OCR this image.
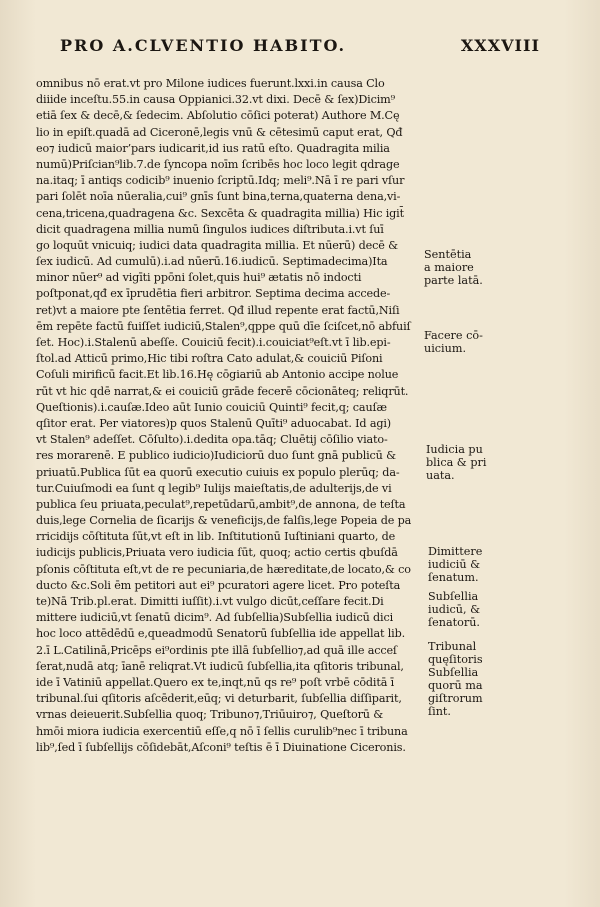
PRO A.CLVENTIO HABITO.	XXXVIII
omnibus nō erat.vt pro Milone iudices fuerunt.lxxi.in causa Clo
diiide inceſtu.55.in causa Oppianici.32.vt dixi. Decē & ſex)Dicim⁹
etiā ſex & decē,& ſedecim. Abſolutio cōſici poterat) Authore M.Cę
lio in epiſt.quadā ad Ciceronē,legis vnū & cētesimū caput erat, Qđ
eo⁊ iudicū maior’pars iudicarit,id ius ratū eſto. Quadragita milia
numū)Priſcian⁹lib.7.de ſyncopa noīm ſcribēs hoc loco legit qdrage
na.itaq; ī antiqs codicib⁹ inuenio ſcriptū.Idq; meli⁹.Nā ī re pari vſur
pari ſolēt noīa nūeralia,cui⁹ gnīs ſunt bina,terna,quaterna dena,vi-
cena,tricena,quadragena &c. Sexcēta & quadragita millia) Hic igit̄
dicit quadragena millia numū ſingulos iudices diſtributa.i.vt ſuī
go loquūt vnicuiq; iudici data quadragita millia. Et nūerū) decē &
ſex iudicū. Ad cumulū).i.ad nūerū.16.iudicū. Septimadecima)Ita
minor nūer⁹ ad vigīti ppōni ſolet,quis hui⁹ ætatis nō indocti
poſtponat,qđ ex īprudētia fieri arbitror. Septima decima accede-
ret)vt a maiore pte ſentētia ferret. Qđ illud repente erat factū,Niſi
ēm repēte factū fuiſſet iudiciū,Stalen⁹,qppe quū dīe ſciſcet,nō abfuiſ
ſet. Hoc).i.Stalenū abeſſe. Couiciū fecit).i.couiciat⁹eſt.vt ī lib.epi-
ſtol.ad Atticū primo,Hic tibi roſtra Cato adulat,& couiciū Piſoni
Coſuli mirificū facit.Et lib.16.Hę cōgiariū ab Antonio accipe nolue
rūt vt hic qdē narrat,& ei couiciū grāde fecerē cōcionāteq; reliqrūt.
Queſtionis).i.cauſæ.Ideo aūt Iunio couiciū Quinti⁹ fecit,q; cauſæ
qſitor erat. Per viatores)p quos Stalenū Quīti⁹ aduocabat. Id agi)
vt Stalen⁹ adeſſet. Cōſulto).i.dedita opa.tāq; Cluētij cōſilio viato-
res morarenē. E publico iudicio)Iudiciorū duo ſunt gnā publicū &
priuatū.Publica ſūt ea quorū executio cuiuis ex populo plerūq; da-
tur.Cuiuſmodi ea ſunt q legib⁹ Iulijs maieſtatis,de adulterijs,de vi
publica ſeu priuata,peculat⁹,repetūdarū,ambit⁹,de annona, de teſta
duis,lege Cornelia de ſicarijs & veneficijs,de falſis,lege Popeia de pa
rricidijs cōſtituta ſūt,vt eſt in lib. Inſtitutionū Iuſtiniani quarto, de
iudicijs publicis,Priuata vero iudicia ſūt, quoq; actio certis qbuſdā
pſonis cōſtituta eſt,vt de re pecuniaria,de hæreditate,de locato,& co
ducto &c.Soli ēm petitori aut ei⁹ pcuratori agere licet. Pro poteſta
te)Nā Trib.pl.erat. Dimitti iuſſit).i.vt vulgo dicūt,ceſſare fecit.Di
mittere iudiciū,vt ſenatū dicim⁹. Ad ſubſellia)Subſellia iudicū dici
hoc loco attēdēdū e,queadmodū Senatorū ſubſellia ide appellat lib.
2.ī L.Catilinā,Pricēps ei⁹ordinis pte illā ſubſellio⁊,ad quā ille acceſ
ſerat,nudā atq; īanē reliqrat.Vt iudicū ſubſellia,ita qſitoris tribunal,
ide ī Vatiniū appellat.Quero ex te,inqt,nū qs re⁹ poſt vrbē cōditā ī
tribunal.ſui qſitoris aſcēderit,eūq; vi deturbarit, ſubſellia diſſiparit,
vrnas deieuerit.Subſellia quoq; Tribuno⁊,Triūuiro⁊, Queſtorū &
hmōi miora iudicia exercentiū eſſe,q nō ī ſellis curulib⁹nec ī tribuna
lib⁹,ſed ī ſubſellijs cōſidebāt,Aſconi⁹ teſtis ē ī Diuinatione Ciceronis.
Sentētia
a maiore
parte latā.
Facere cō-
uicium.
Iudicia pu
blica & pri
uata.
Dimittere
iudiciū &
ſenatum.
Subſellia
iudicū, &
ſenatorū.
Tribunal
quęſitoris
Subſellia
quorū ma
giſtrorum
ſint.
